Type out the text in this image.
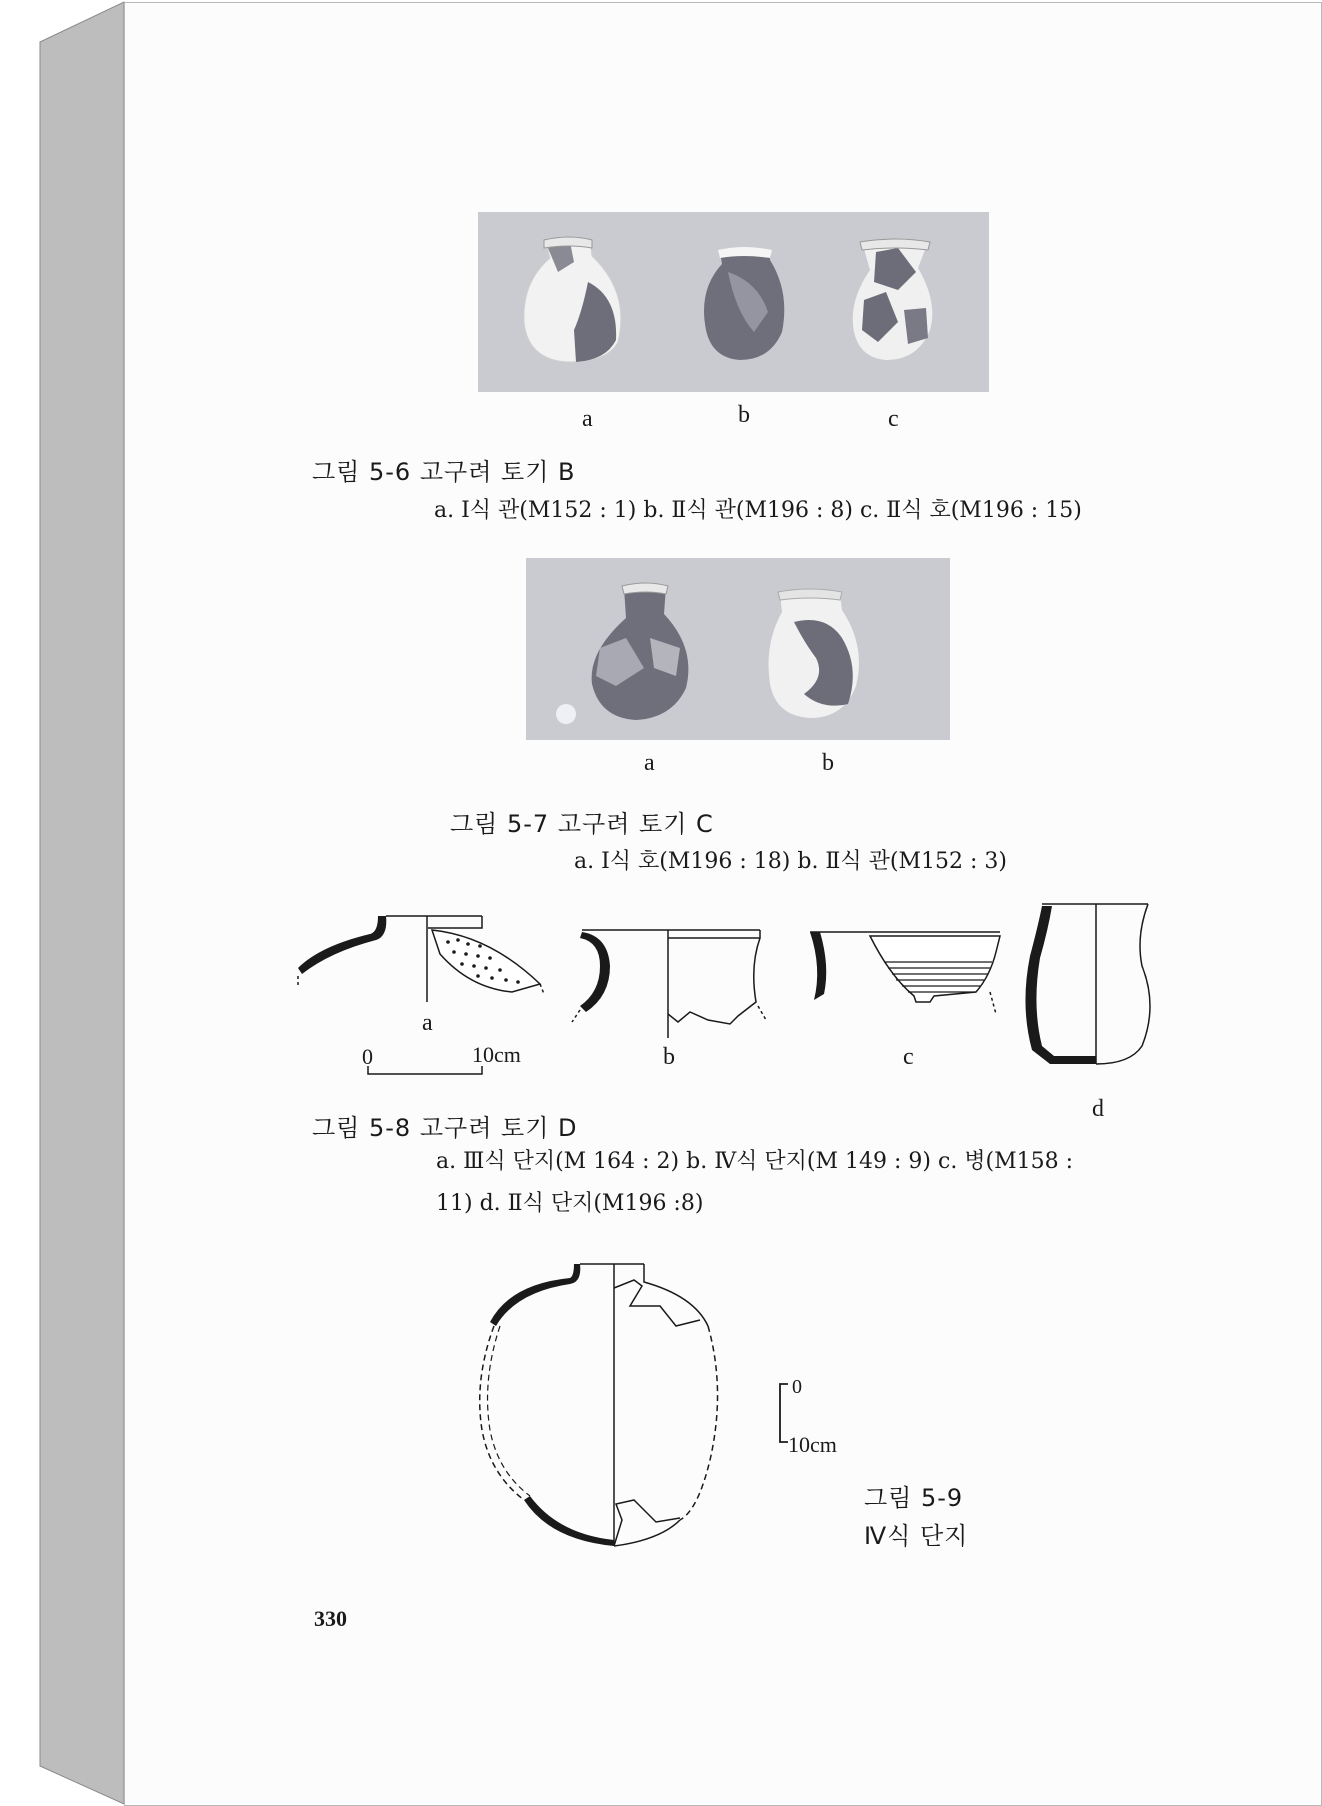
a	b	c
그림 5-6 고구려 토기 B
a. Ⅰ식 관(M152 : 1) b. Ⅱ식 관(M196 : 8) c. Ⅱ식 호(M196 : 15)
a	b
그림 5-7 고구려 토기 C
a. Ⅰ식 호(M196 : 18) b. Ⅱ식 관(M152 : 3)
a
b	c
d
0	10cm
그림 5-8 고구려 토기 D
a. Ⅲ식 단지(M 164 : 2) b. Ⅳ식 단지(M 149 : 9) c. 병(M158 :
11) d. Ⅱ식 단지(M196 :8)
0
10cm
그림 5-9
Ⅳ식 단지
330
